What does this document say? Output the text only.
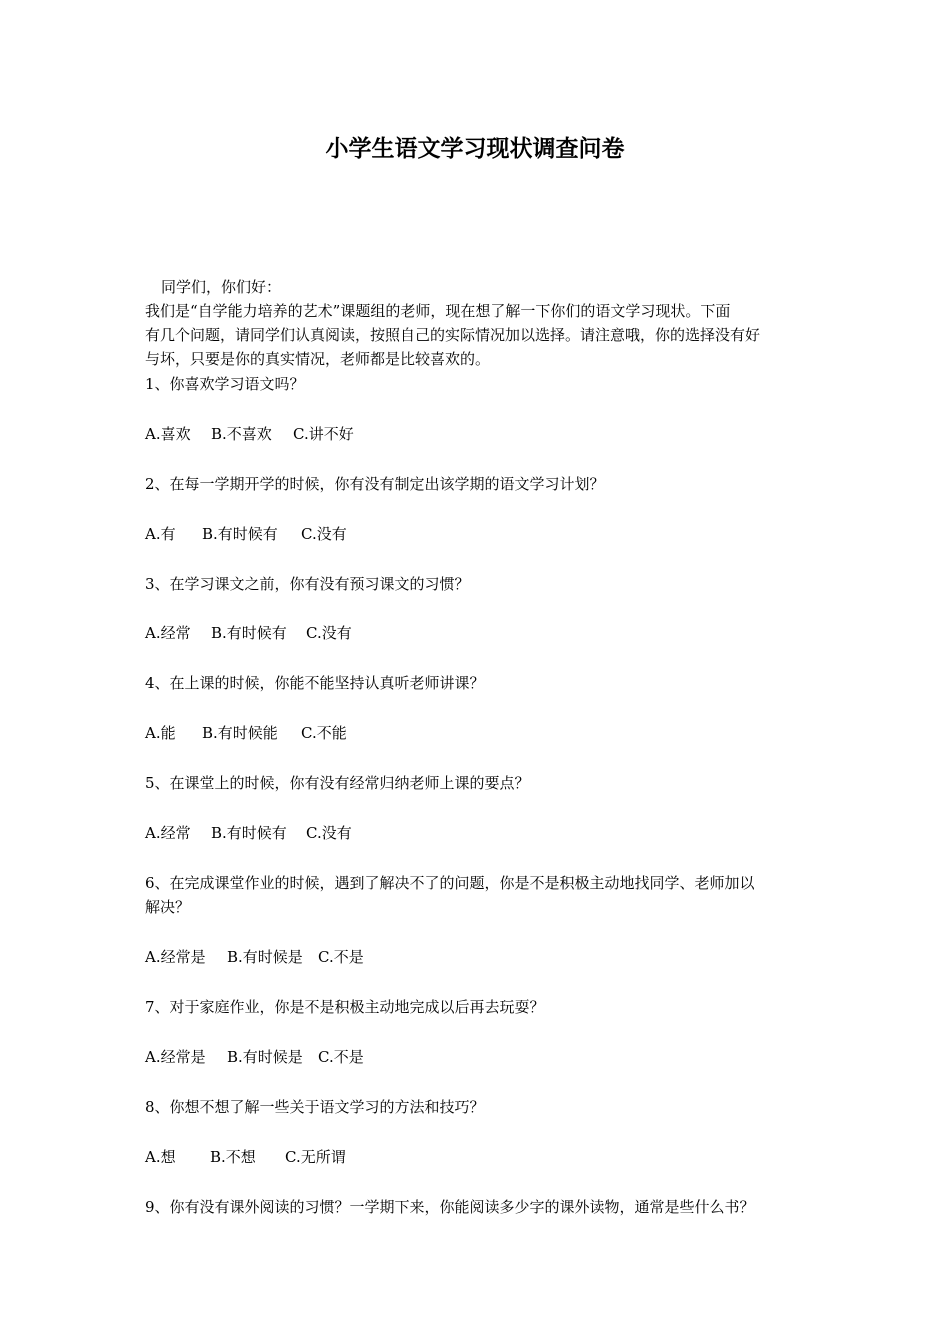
小学生语文学习现状调查问卷
同学们，你们好：
我们是“自学能力培养的艺术”课题组的老师，现在想了解一下你们的语文学习现状。下面
有几个问题，请同学们认真阅读，按照自己的实际情况加以选择。请注意哦，你的选择没有好
与坏，只要是你的真实情况，老师都是比较喜欢的。
1、你喜欢学习语文吗？
A.喜欢 B.不喜欢 C.讲不好
2、在每一学期开学的时候，你有没有制定出该学期的语文学习计划？
A.有 B.有时候有 C.没有
3、在学习课文之前，你有没有预习课文的习惯？
A.经常 B.有时候有 C.没有
4、在上课的时候，你能不能坚持认真听老师讲课？
A.能 B.有时候能 C.不能
5、在课堂上的时候，你有没有经常归纳老师上课的要点？
A.经常 B.有时候有 C.没有
6、在完成课堂作业的时候，遇到了解决不了的问题，你是不是积极主动地找同学、老师加以
解决？
A.经常是 B.有时候是 C.不是
7、对于家庭作业，你是不是积极主动地完成以后再去玩耍？
A.经常是 B.有时候是 C.不是
8、你想不想了解一些关于语文学习的方法和技巧？
A.想 B.不想 C.无所谓
9、你有没有课外阅读的习惯？一学期下来，你能阅读多少字的课外读物，通常是些什么书？
